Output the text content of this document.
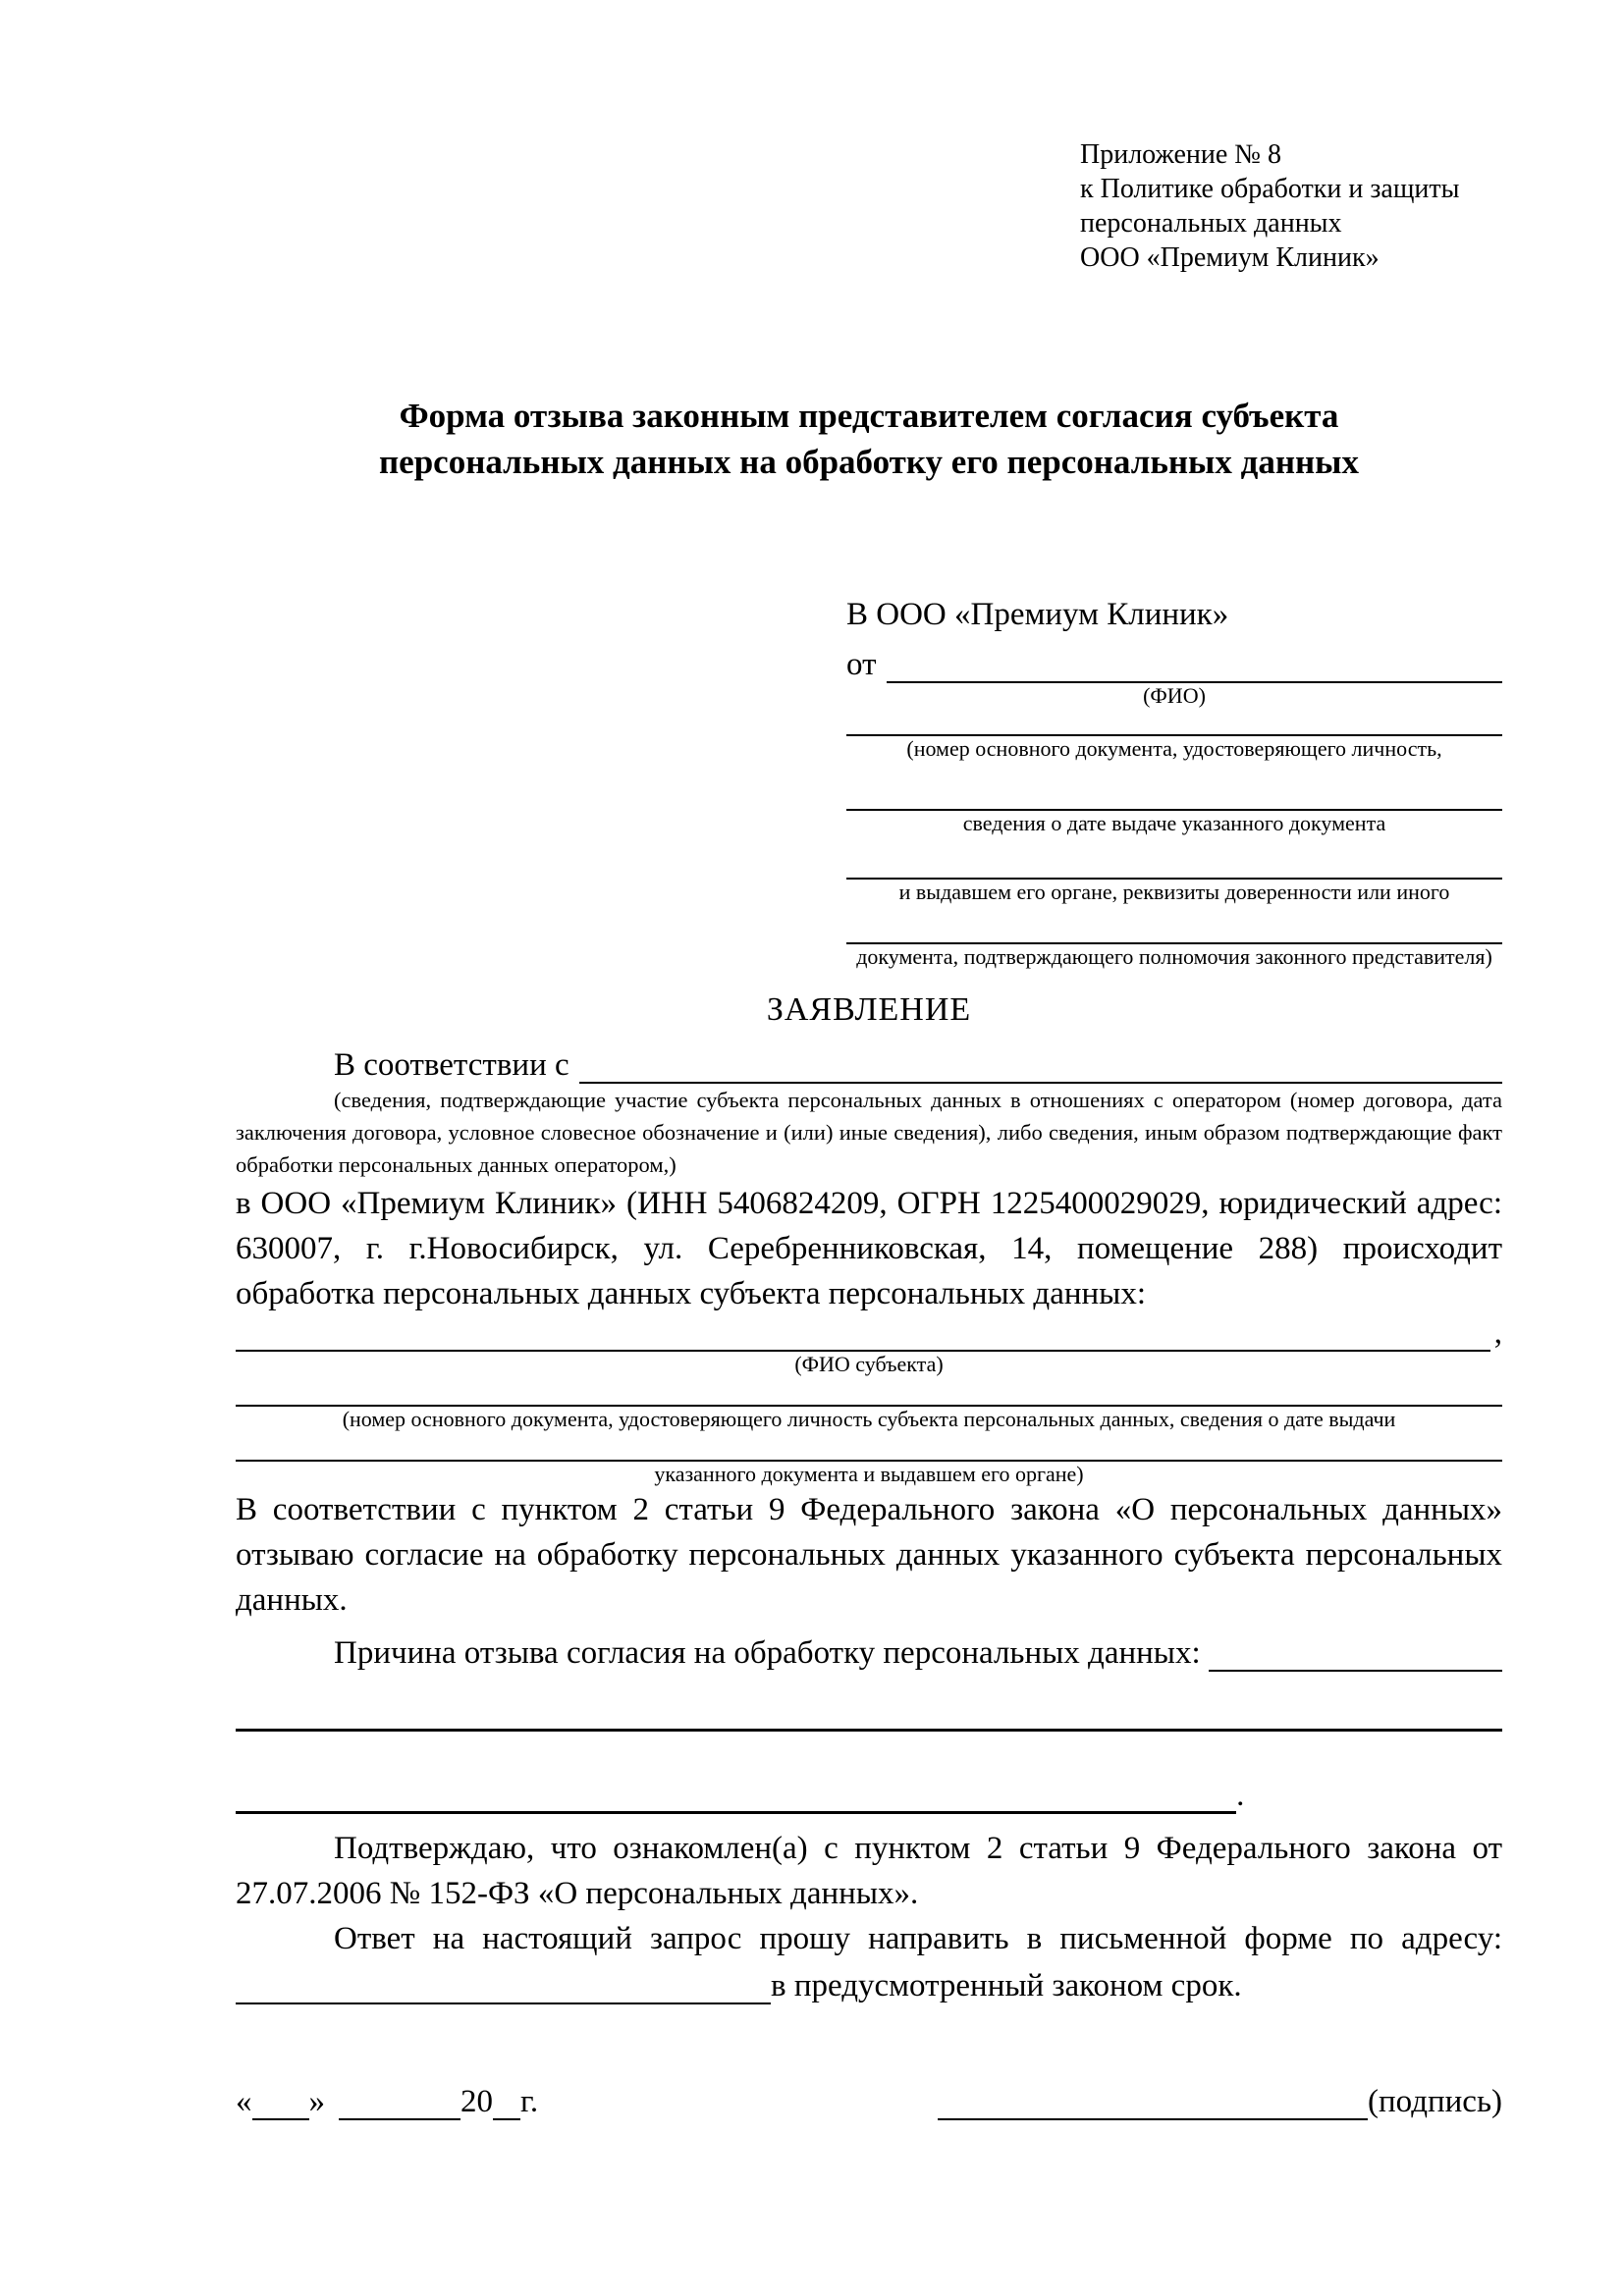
Приложение № 8
к Политике обработки и защиты
персональных данных
ООО «Премиум Клиник»
Форма отзыва законным представителем согласия субъекта
персональных данных на обработку его персональных данных
В ООО «Премиум Клиник»
от
(ФИО)
(номер основного документа, удостоверяющего личность,
сведения о дате выдаче указанного документа
и выдавшем его органе, реквизиты доверенности или иного
документа, подтверждающего полномочия законного представителя)
ЗАЯВЛЕНИЕ
В соответствии с
(сведения, подтверждающие участие субъекта персональных данных в отношениях с оператором (номер договора, дата заключения договора, условное словесное обозначение и (или) иные сведения), либо сведения, иным образом подтверждающие факт обработки персональных данных оператором,)

в ООО «Премиум Клиник» (ИНН 5406824209, ОГРН 1225400029029, юридический адрес: 630007, г. г.Новосибирск, ул. Серебренниковская, 14, помещение 288) происходит обработка персональных данных субъекта персональных данных:

,
(ФИО субъекта)
(номер основного документа, удостоверяющего личность субъекта персональных данных, сведения о дате выдачи
указанного документа и выдавшем его органе)

В соответствии с пунктом 2 статьи 9 Федерального закона «О персональных данных» отзываю согласие на обработку персональных данных указанного субъекта персональных данных.

Причина отзыва согласия на обработку персональных данных:
.

Подтверждаю, что ознакомлен(а) с пунктом 2 статьи 9 Федерального закона от 27.07.2006 № 152-ФЗ «О персональных данных».

Ответ на настоящий запрос прошу направить в письменной форме по адресу:

в предусмотренный законом срок.
« »	20 г.	(подпись)
